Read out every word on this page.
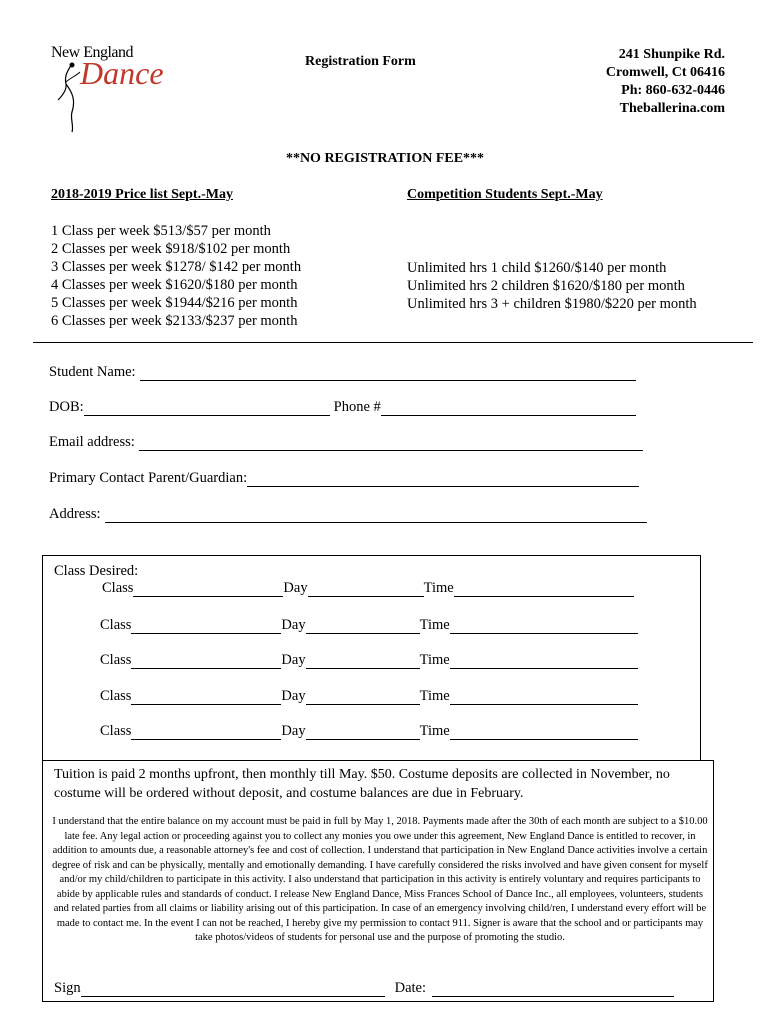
New England
Dance	Registration Form	241 Shunpike Rd.
Cromwell, Ct 06416
Ph: 860-632-0446
Theballerina.com
**NO REGISTRATION FEE***
2018-2019 Price list Sept.-May	Competition Students Sept.-May
1 Class per week $513/$57 per month
2 Classes per week $918/$102 per month
3 Classes per week $1278/ $142 per month
4 Classes per week $1620/$180 per month
5 Classes per week $1944/$216 per month
6 Classes per week $2133/$237 per month
Unlimited hrs 1 child $1260/$140 per month
Unlimited hrs 2 children $1620/$180 per month
Unlimited hrs 3 + children $1980/$220 per month
Student Name:
DOB:	Phone #
Email address:
Primary Contact Parent/Guardian:
Address:
Class Desired:
Class	Day	Time
Class	Day	Time
Class	Day	Time
Class	Day	Time
Class	Day	Time
Tuition is paid 2 months upfront, then monthly till May. $50. Costume deposits are collected in November, no costume will be ordered without deposit, and costume balances are due in February.
I understand that the entire balance on my account must be paid in full by May 1, 2018. Payments made after the 30th of each month are subject to a $10.00 late fee. Any legal action or proceeding against you to collect any monies you owe under this agreement, New England Dance is entitled to recover, in addition to amounts due, a reasonable attorney's fee and cost of collection. I understand that participation in New England Dance activities involve a certain degree of risk and can be physically, mentally and emotionally demanding. I have carefully considered the risks involved and have given consent for myself and/or my child/children to participate in this activity. I also understand that participation in this activity is entirely voluntary and requires participants to abide by applicable rules and standards of conduct. I release New England Dance, Miss Frances School of Dance Inc., all employees, volunteers, students and related parties from all claims or liability arising out of this participation. In case of an emergency involving child/ren, I understand every effort will be made to contact me. In the event I can not be reached, I hereby give my permission to contact 911. Signer is aware that the school and or participants may take photos/videos of students for personal use and the purpose of promoting the studio.
Sign	Date:
